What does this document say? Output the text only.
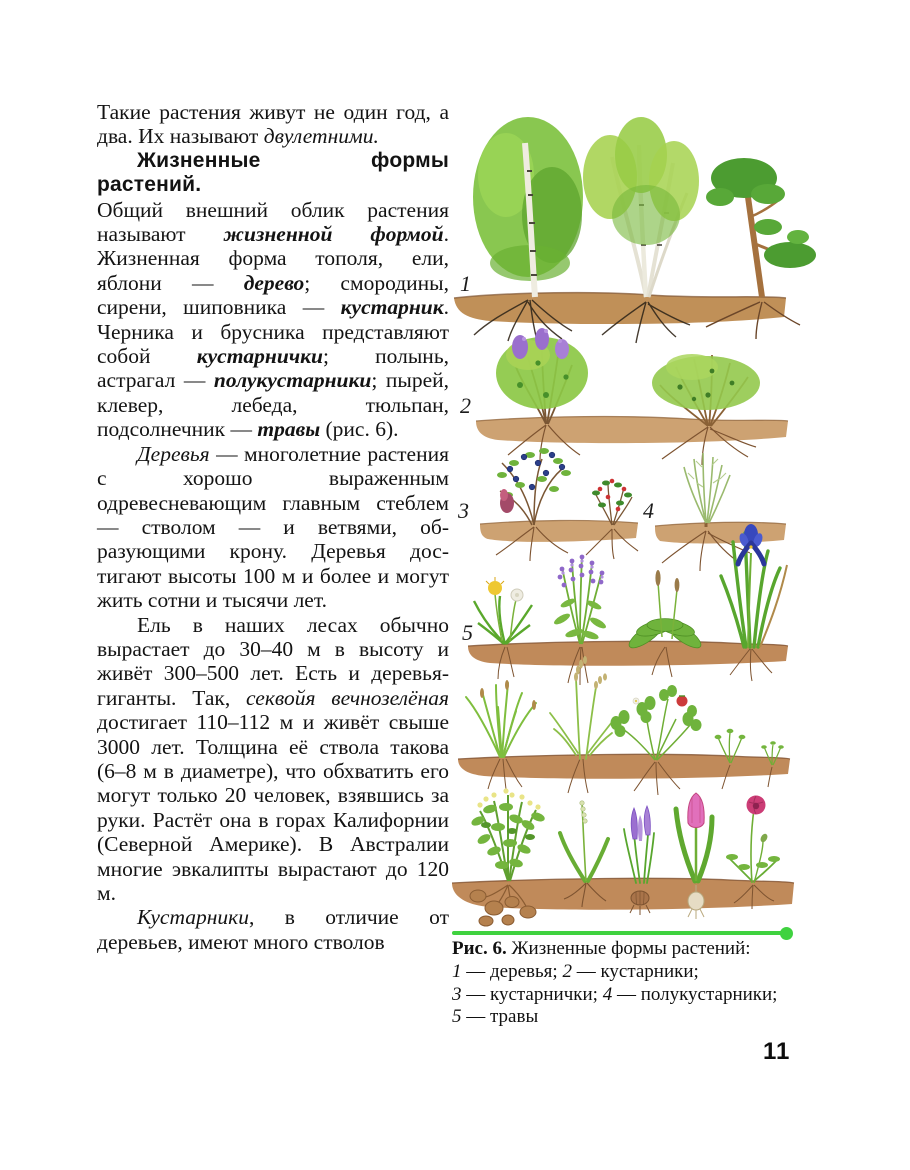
Такие растения живут не один год, а два. Их называют двулетними.
Жизненные формы растений.
Общий внешний облик растения называют жизненной формой. Жизненная форма тополя, ели, яблони — дерево; смородины, сирени, шиповника — кустарник. Черника и брусника представляют собой кустарнички; полынь, астрагал — полукустарники; пырей, клевер, лебеда, тюльпан, подсолнечник — травы (рис. 6).
Деревья — многолетние растения с хорошо выраженным одревесневающим главным стеблем — стволом — и ветвями, образующими крону. Деревья достигают высоты 100 м и более и могут жить сотни и тысячи лет.
Ель в наших лесах обычно вырастает до 30–40 м в высоту и живёт 300–500 лет. Есть и деревья-гиганты. Так, секвойя вечнозелёная достигает 110–112 м и живёт свыше 3000 лет. Толщина её ствола такова (6–8 м в диаметре), что обхватить его могут только 20 человек, взявшись за руки. Растёт она в горах Калифорнии (Северной Америке). В Австралии многие эвкалипты вырастают до 120 м.
Кустарники, в отличие от деревьев, имеют много стволов
1
2
3	4
5
Рис. 6. Жизненные формы растений:
1 — деревья; 2 — кустарники;
3 — кустарнички; 4 — полукустарники;
5 — травы
11
